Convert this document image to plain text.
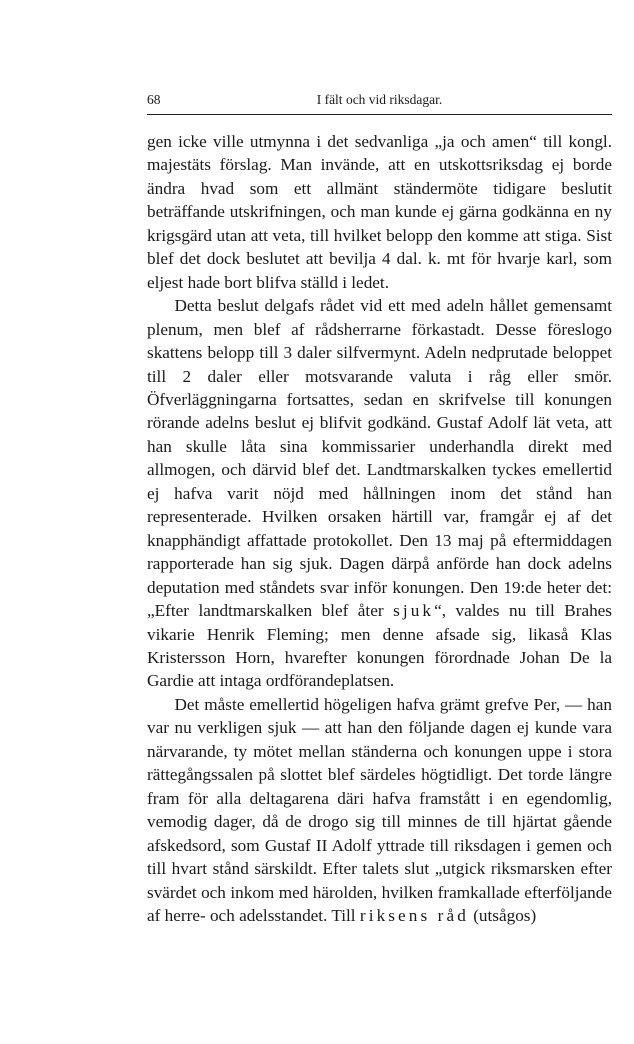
68	I fält och vid riksdagar.

gen icke ville utmynna i det sedvanliga „ja och amen“ till kongl. majestäts förslag. Man invände, att en utskottsriksdag ej borde ändra hvad som ett allmänt ständermöte tidigare beslutit beträffande utskrifningen, och man kunde ej gärna godkänna en ny krigsgärd utan att veta, till hvilket belopp den komme att stiga. Sist blef det dock beslutet att bevilja 4 dal. k. mt för hvarje karl, som eljest hade bort blifva ställd i ledet.

Detta beslut delgafs rådet vid ett med adeln hållet gemensamt plenum, men blef af rådsherrarne förkastadt. Desse föreslogo skattens belopp till 3 daler silfvermynt. Adeln nedprutade beloppet till 2 daler eller motsvarande valuta i råg eller smör. Öfverläggningarna fortsattes, sedan en skrifvelse till konungen rörande adelns beslut ej blifvit godkänd. Gustaf Adolf lät veta, att han skulle låta sina kommissarier underhandla direkt med allmogen, och därvid blef det. Landtmarskalken tyckes emellertid ej hafva varit nöjd med hållningen inom det stånd han representerade. Hvilken orsaken härtill var, framgår ej af det knapphändigt affattade protokollet. Den 13 maj på eftermiddagen rapporterade han sig sjuk. Dagen därpå anförde han dock adelns deputation med ståndets svar inför konungen. Den 19:de heter det: „Efter landtmarskalken blef åter sjuk“, valdes nu till Brahes vikarie Henrik Fleming; men denne afsade sig, likaså Klas Kristersson Horn, hvarefter konungen förordnade Johan De la Gardie att intaga ordförandeplatsen.

Det måste emellertid högeligen hafva grämt grefve Per, — han var nu verkligen sjuk — att han den följande dagen ej kunde vara närvarande, ty mötet mellan ständerna och konungen uppe i stora rättegångssalen på slottet blef särdeles högtidligt. Det torde längre fram för alla deltagarena däri hafva framstått i en egendomlig, vemodig dager, då de drogo sig till minnes de till hjärtat gående afskedsord, som Gustaf II Adolf yttrade till riksdagen i gemen och till hvart stånd särskildt. Efter talets slut „utgick riksmarsken efter svärdet och inkom med härolden, hvilken framkallade efterföljande af herre- och adelsstandet. Till riksens råd (utsågos)
